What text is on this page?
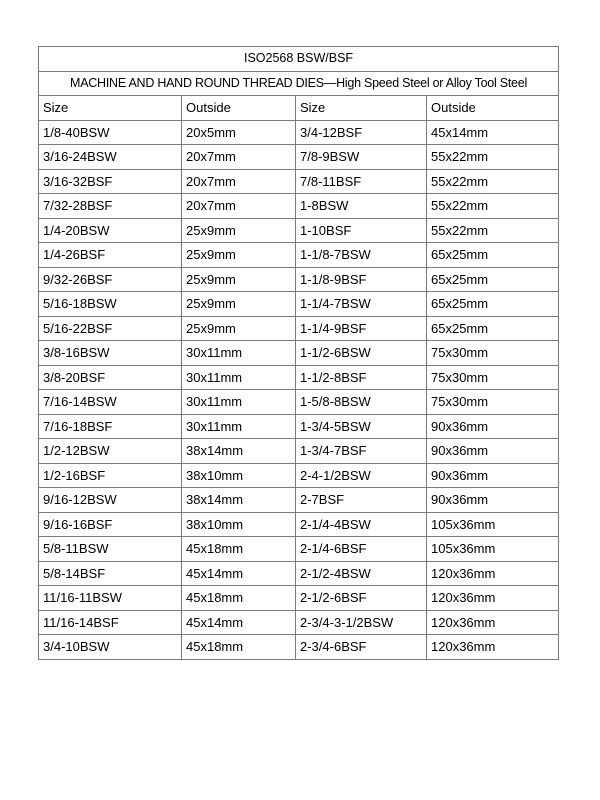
ISO2568 BSW/BSF			
MACHINE AND HAND ROUND THREAD DIES—High Speed Steel or Alloy Tool Steel			
Size	Outside	Size	Outside
1/8-40BSW	20x5mm	3/4-12BSF	45x14mm
3/16-24BSW	20x7mm	7/8-9BSW	55x22mm
3/16-32BSF	20x7mm	7/8-11BSF	55x22mm
7/32-28BSF	20x7mm	1-8BSW	55x22mm
1/4-20BSW	25x9mm	1-10BSF	55x22mm
1/4-26BSF	25x9mm	1-1/8-7BSW	65x25mm
9/32-26BSF	25x9mm	1-1/8-9BSF	65x25mm
5/16-18BSW	25x9mm	1-1/4-7BSW	65x25mm
5/16-22BSF	25x9mm	1-1/4-9BSF	65x25mm
3/8-16BSW	30x11mm	1-1/2-6BSW	75x30mm
3/8-20BSF	30x11mm	1-1/2-8BSF	75x30mm
7/16-14BSW	30x11mm	1-5/8-8BSW	75x30mm
7/16-18BSF	30x11mm	1-3/4-5BSW	90x36mm
1/2-12BSW	38x14mm	1-3/4-7BSF	90x36mm
1/2-16BSF	38x10mm	2-4-1/2BSW	90x36mm
9/16-12BSW	38x14mm	2-7BSF	90x36mm
9/16-16BSF	38x10mm	2-1/4-4BSW	105x36mm
5/8-11BSW	45x18mm	2-1/4-6BSF	105x36mm
5/8-14BSF	45x14mm	2-1/2-4BSW	120x36mm
11/16-11BSW	45x18mm	2-1/2-6BSF	120x36mm
11/16-14BSF	45x14mm	2-3/4-3-1/2BSW	120x36mm
3/4-10BSW	45x18mm	2-3/4-6BSF	120x36mm
